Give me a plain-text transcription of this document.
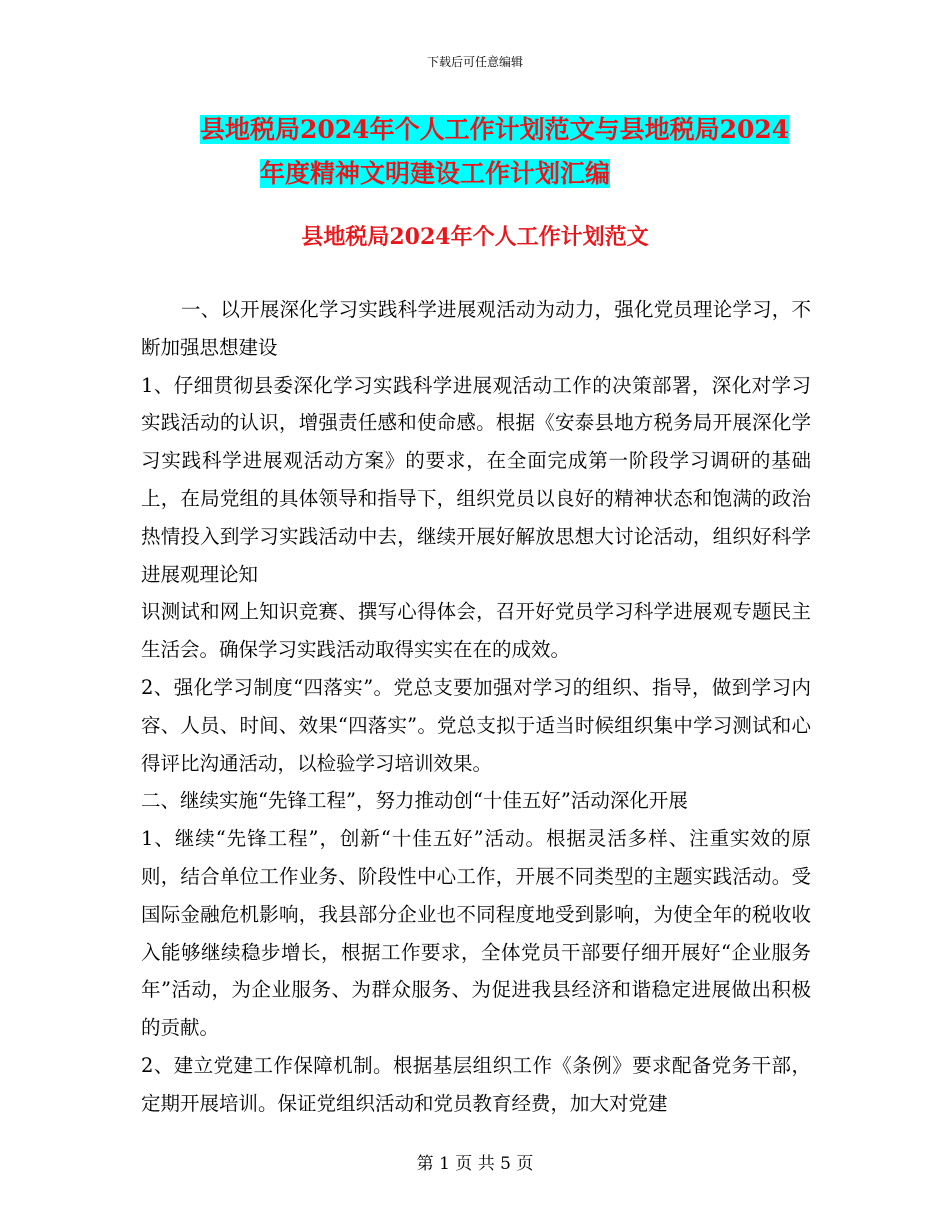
下载后可任意编辑
县地税局2024年个人工作计划范文与县地税局2024
年度精神文明建设工作计划汇编
县地税局2024年个人工作计划范文

一、以开展深化学习实践科学进展观活动为动力，强化党员理论学习，不断加强思想建设

1、仔细贯彻县委深化学习实践科学进展观活动工作的决策部署，深化对学习实践活动的认识，增强责任感和使命感。根据《安泰县地方税务局开展深化学习实践科学进展观活动方案》的要求，在全面完成第一阶段学习调研的基础上，在局党组的具体领导和指导下，组织党员以良好的精神状态和饱满的政治热情投入到学习实践活动中去，继续开展好解放思想大讨论活动，组织好科学进展观理论知

识测试和网上知识竞赛、撰写心得体会，召开好党员学习科学进展观专题民主生活会。确保学习实践活动取得实实在在的成效。

2、强化学习制度“四落实”。党总支要加强对学习的组织、指导，做到学习内容、人员、时间、效果“四落实”。党总支拟于适当时候组织集中学习测试和心得评比沟通活动，以检验学习培训效果。

二、继续实施“先锋工程”，努力推动创“十佳五好”活动深化开展

1、继续“先锋工程”，创新“十佳五好”活动。根据灵活多样、注重实效的原则，结合单位工作业务、阶段性中心工作，开展不同类型的主题实践活动。受国际金融危机影响，我县部分企业也不同程度地受到影响，为使全年的税收收入能够继续稳步增长，根据工作要求，全体党员干部要仔细开展好“企业服务年”活动，为企业服务、为群众服务、为促进我县经济和谐稳定进展做出积极的贡献。

2、建立党建工作保障机制。根据基层组织工作《条例》要求配备党务干部，定期开展培训。保证党组织活动和党员教育经费，加大对党建

第 1 页 共 5 页
